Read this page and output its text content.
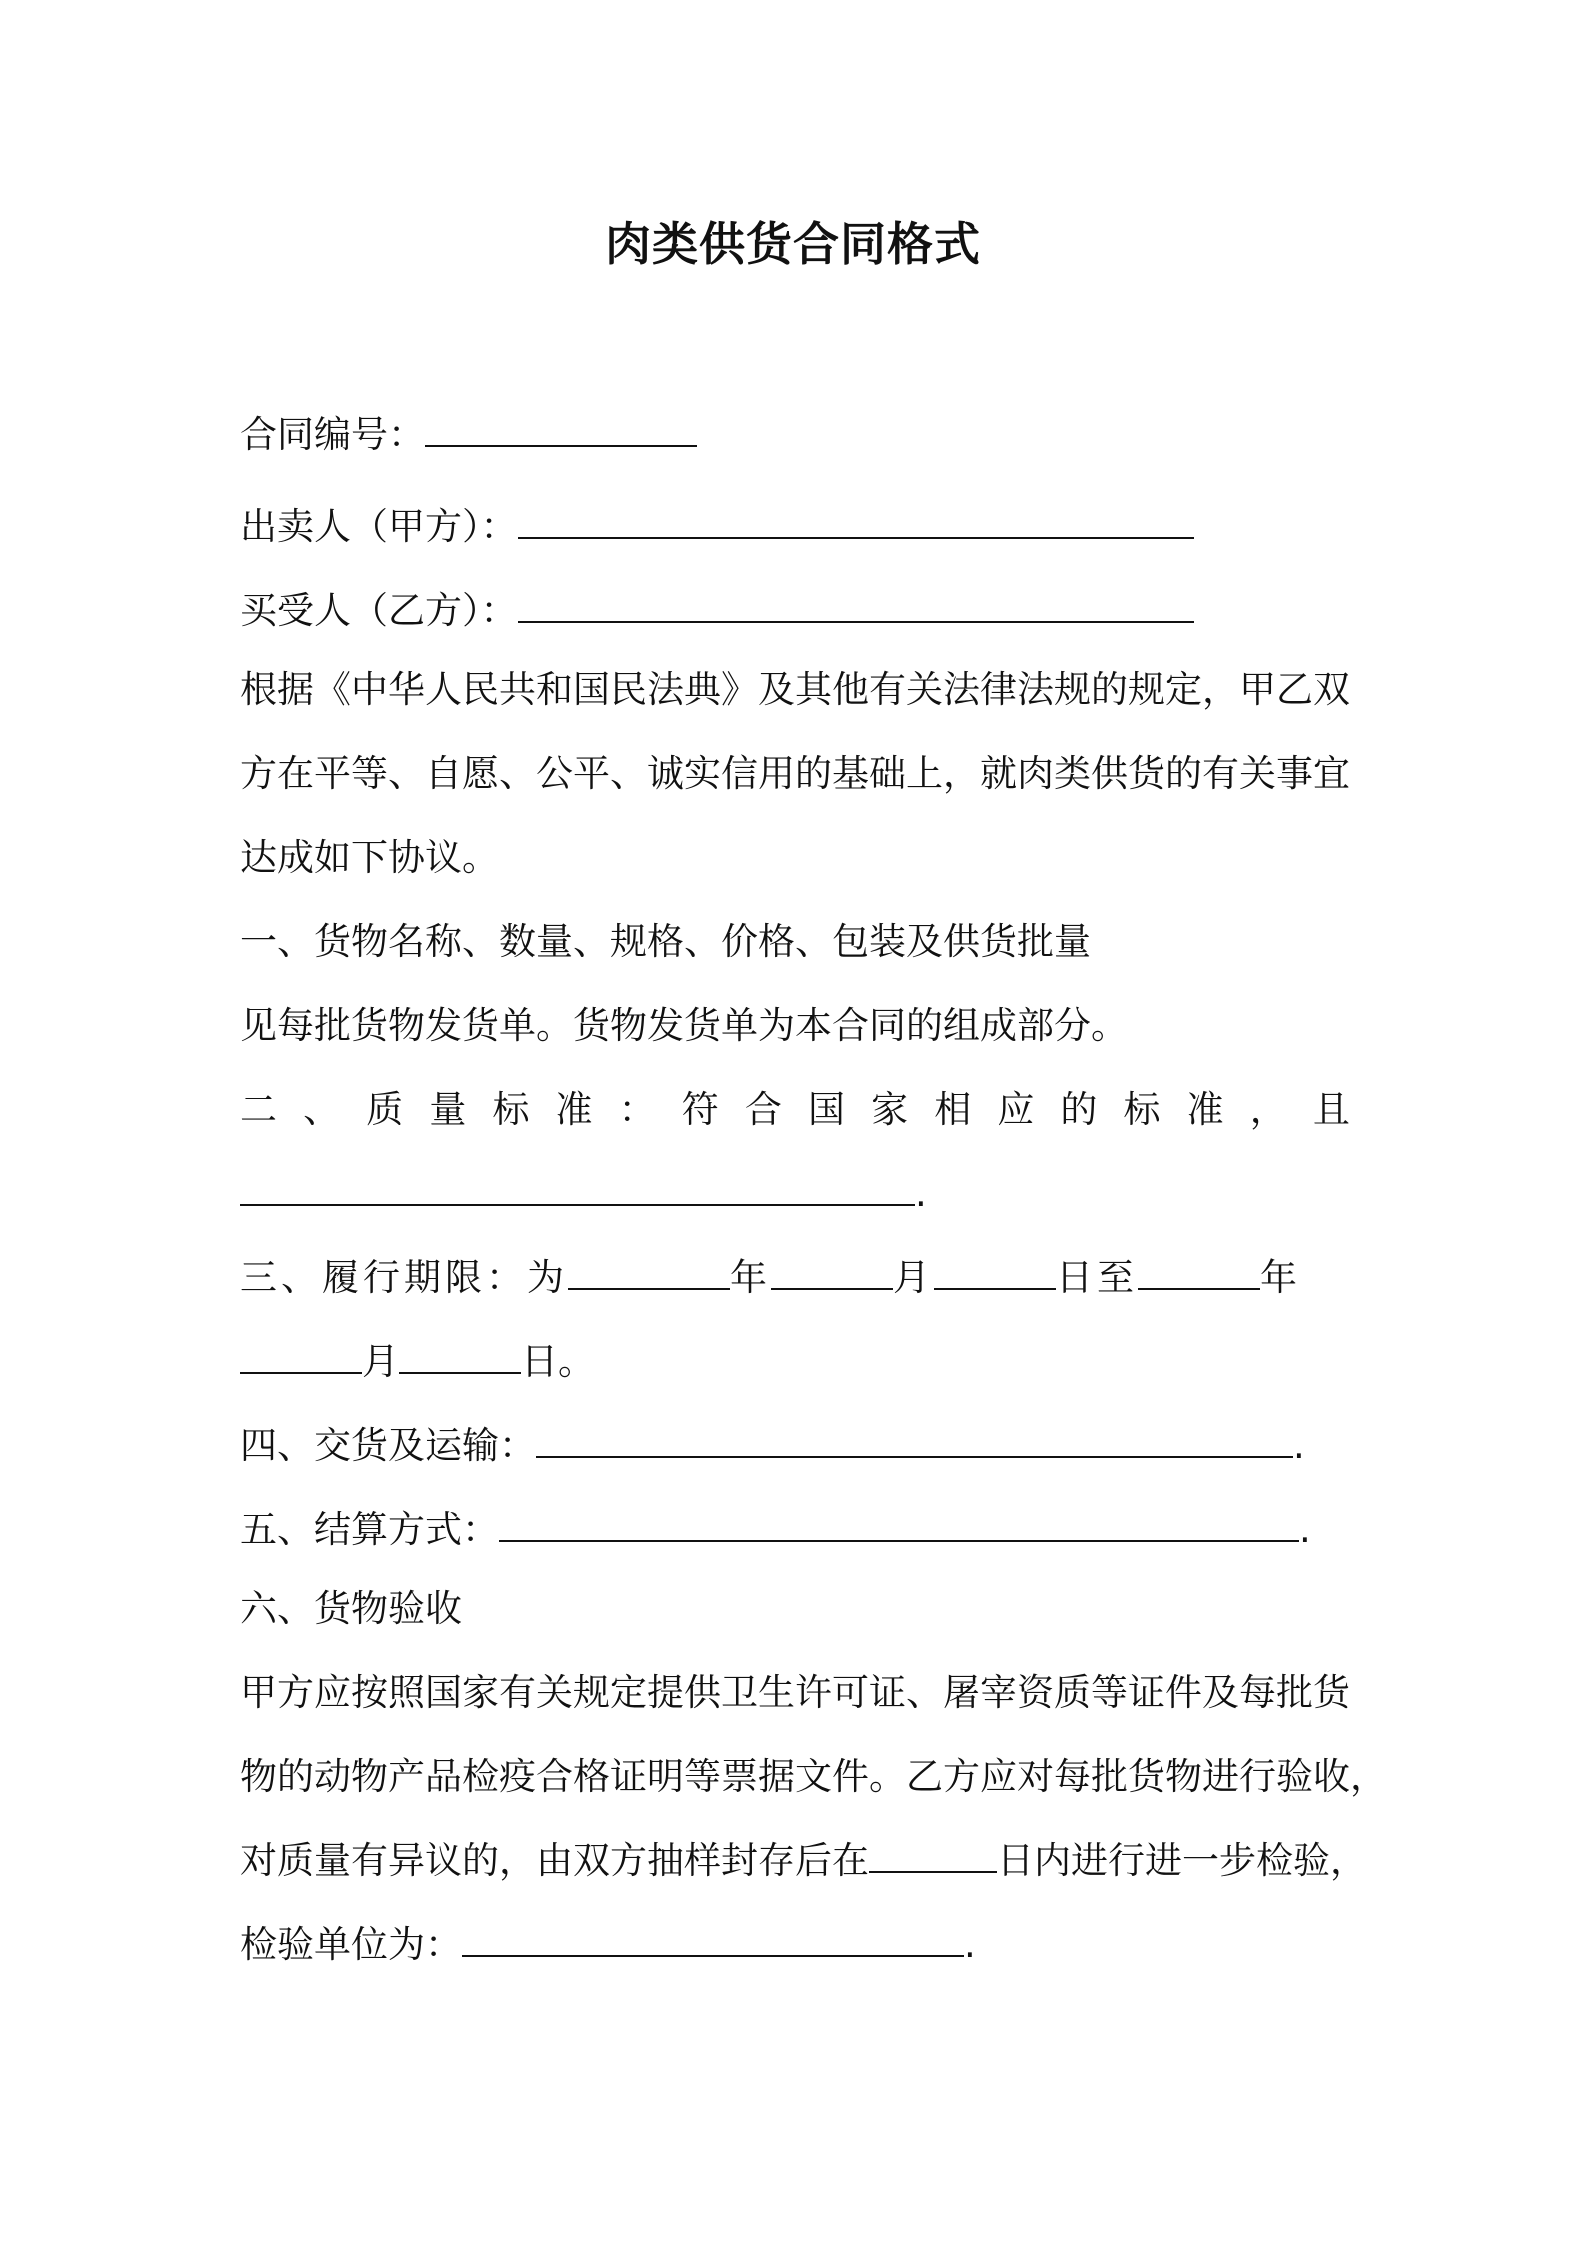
肉类供货合同格式
合同编号：
出卖人（甲方）：
买受人（乙方）：
根据《中华人民共和国民法典》及其他有关法律法规的规定，甲乙双
方在平等、自愿、公平、诚实信用的基础上，就肉类供货的有关事宜
达成如下协议。
一、货物名称、数量、规格、价格、包装及供货批量
见每批货物发货单。货物发货单为本合同的组成部分。
二 、 质 量 标 准 ： 符 合 国 家 相 应 的 标 准 ， 且
.
三、履行期限：为	年	月	日至	年
月	日。
四、交货及运输：	.
五、结算方式：	.
六、货物验收
甲方应按照国家有关规定提供卫生许可证、屠宰资质等证件及每批货
物的动物产品检疫合格证明等票据文件。乙方应对每批货物进行验收，
对质量有异议的，由双方抽样封存后在	日内进行进一步检验，
检验单位为：	.
